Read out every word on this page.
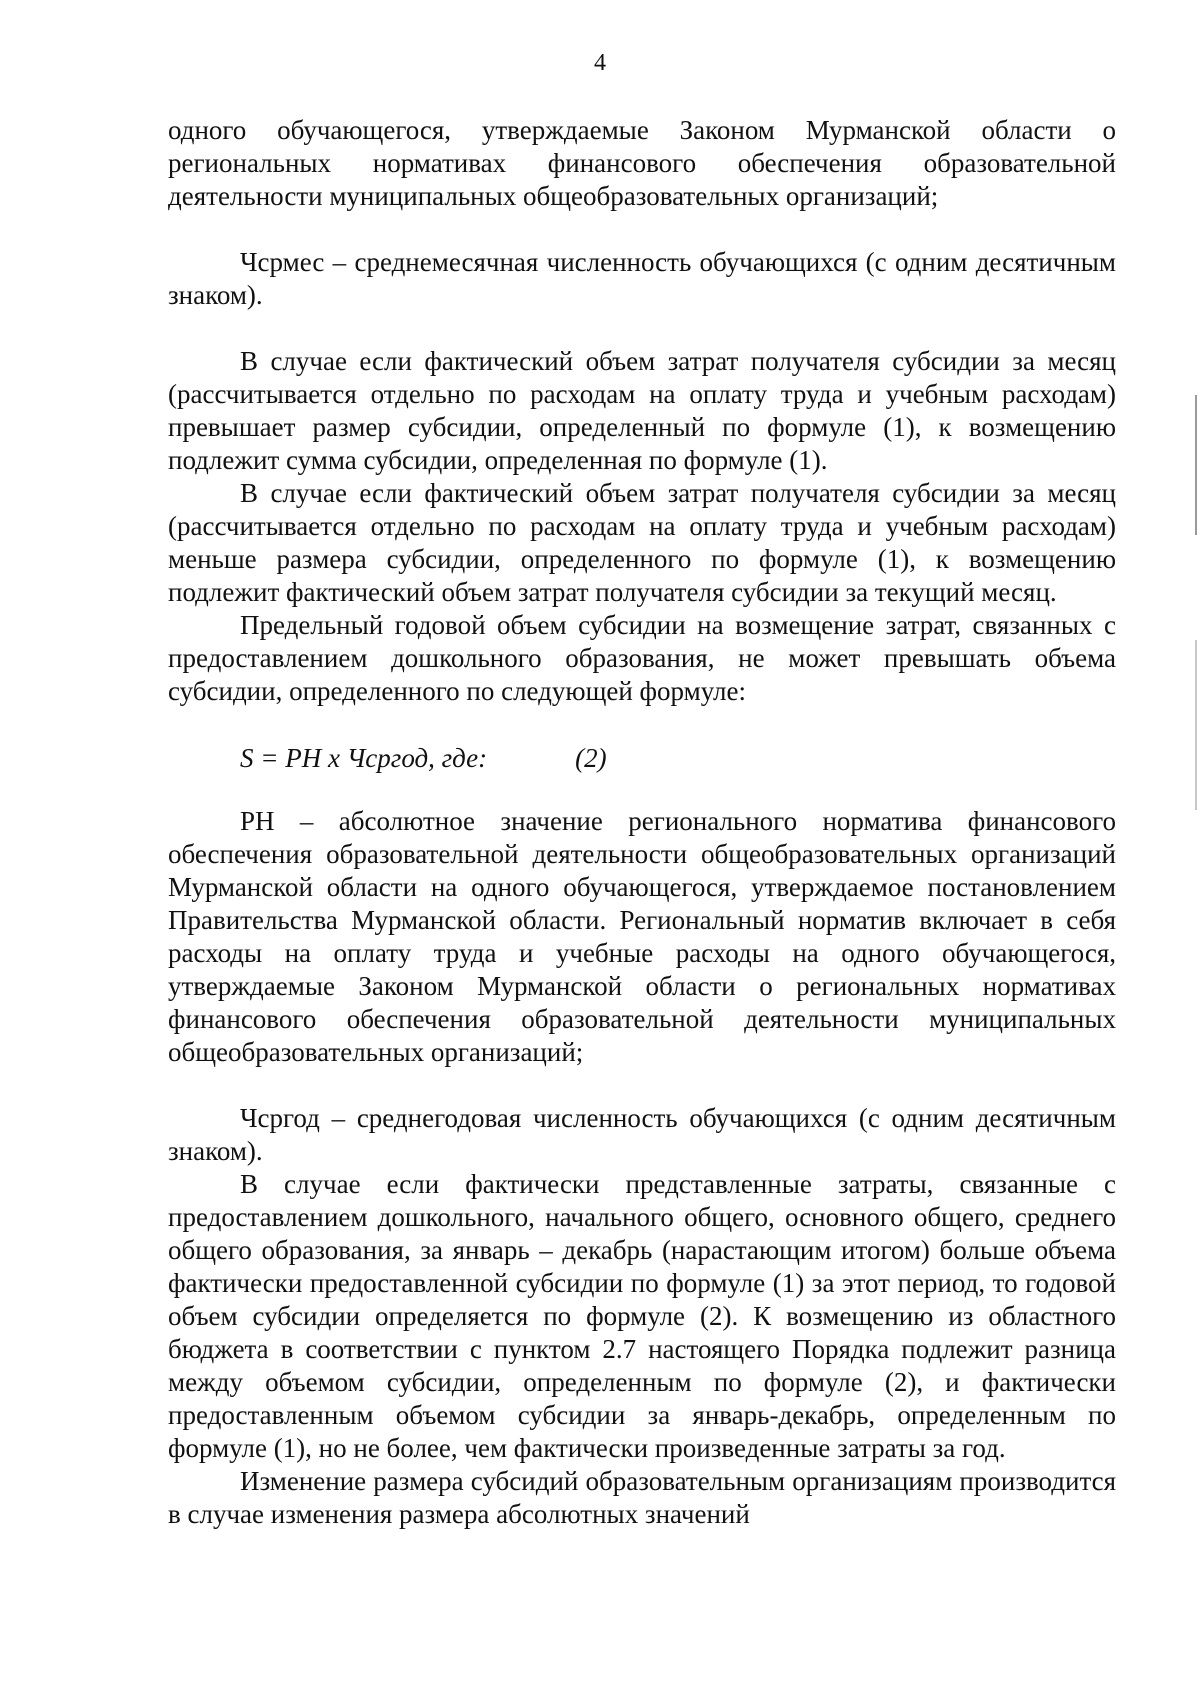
4

одного обучающегося, утверждаемые Законом Мурманской области о региональных нормативах финансового обеспечения образовательной деятельности муниципальных общеобразовательных организаций;

Чсрмес – среднемесячная численность обучающихся (с одним десятичным знаком).

В случае если фактический объем затрат получателя субсидии за месяц (рассчитывается отдельно по расходам на оплату труда и учебным расходам) превышает размер субсидии, определенный по формуле (1), к возмещению подлежит сумма субсидии, определенная по формуле (1).

В случае если фактический объем затрат получателя субсидии за месяц (рассчитывается отдельно по расходам на оплату труда и учебным расходам) меньше размера субсидии, определенного по формуле (1), к возмещению подлежит фактический объем затрат получателя субсидии за текущий месяц.

Предельный годовой объем субсидии на возмещение затрат, связанных с предоставлением дошкольного образования, не может превышать объема субсидии, определенного по следующей формуле:

S = РН х Чсргод, где:	(2)

РН – абсолютное значение регионального норматива финансового обеспечения образовательной деятельности общеобразовательных организаций Мурманской области на одного обучающегося, утверждаемое постановлением Правительства Мурманской области. Региональный норматив включает в себя расходы на оплату труда и учебные расходы на одного обучающегося, утверждаемые Законом Мурманской области о региональных нормативах финансового обеспечения образовательной деятельности муниципальных общеобразовательных организаций;

Чсргод – среднегодовая численность обучающихся (с одним десятичным знаком).

В случае если фактически представленные затраты, связанные с предоставлением дошкольного, начального общего, основного общего, среднего общего образования, за январь – декабрь (нарастающим итогом) больше объема фактически предоставленной субсидии по формуле (1) за этот период, то годовой объем субсидии определяется по формуле (2). К возмещению из областного бюджета в соответствии с пунктом 2.7 настоящего Порядка подлежит разница между объемом субсидии, определенным по формуле (2), и фактически предоставленным объемом субсидии за январь-декабрь, определенным по формуле (1), но не более, чем фактически произведенные затраты за год.

Изменение размера субсидий образовательным организациям производится в случае изменения размера абсолютных значений
